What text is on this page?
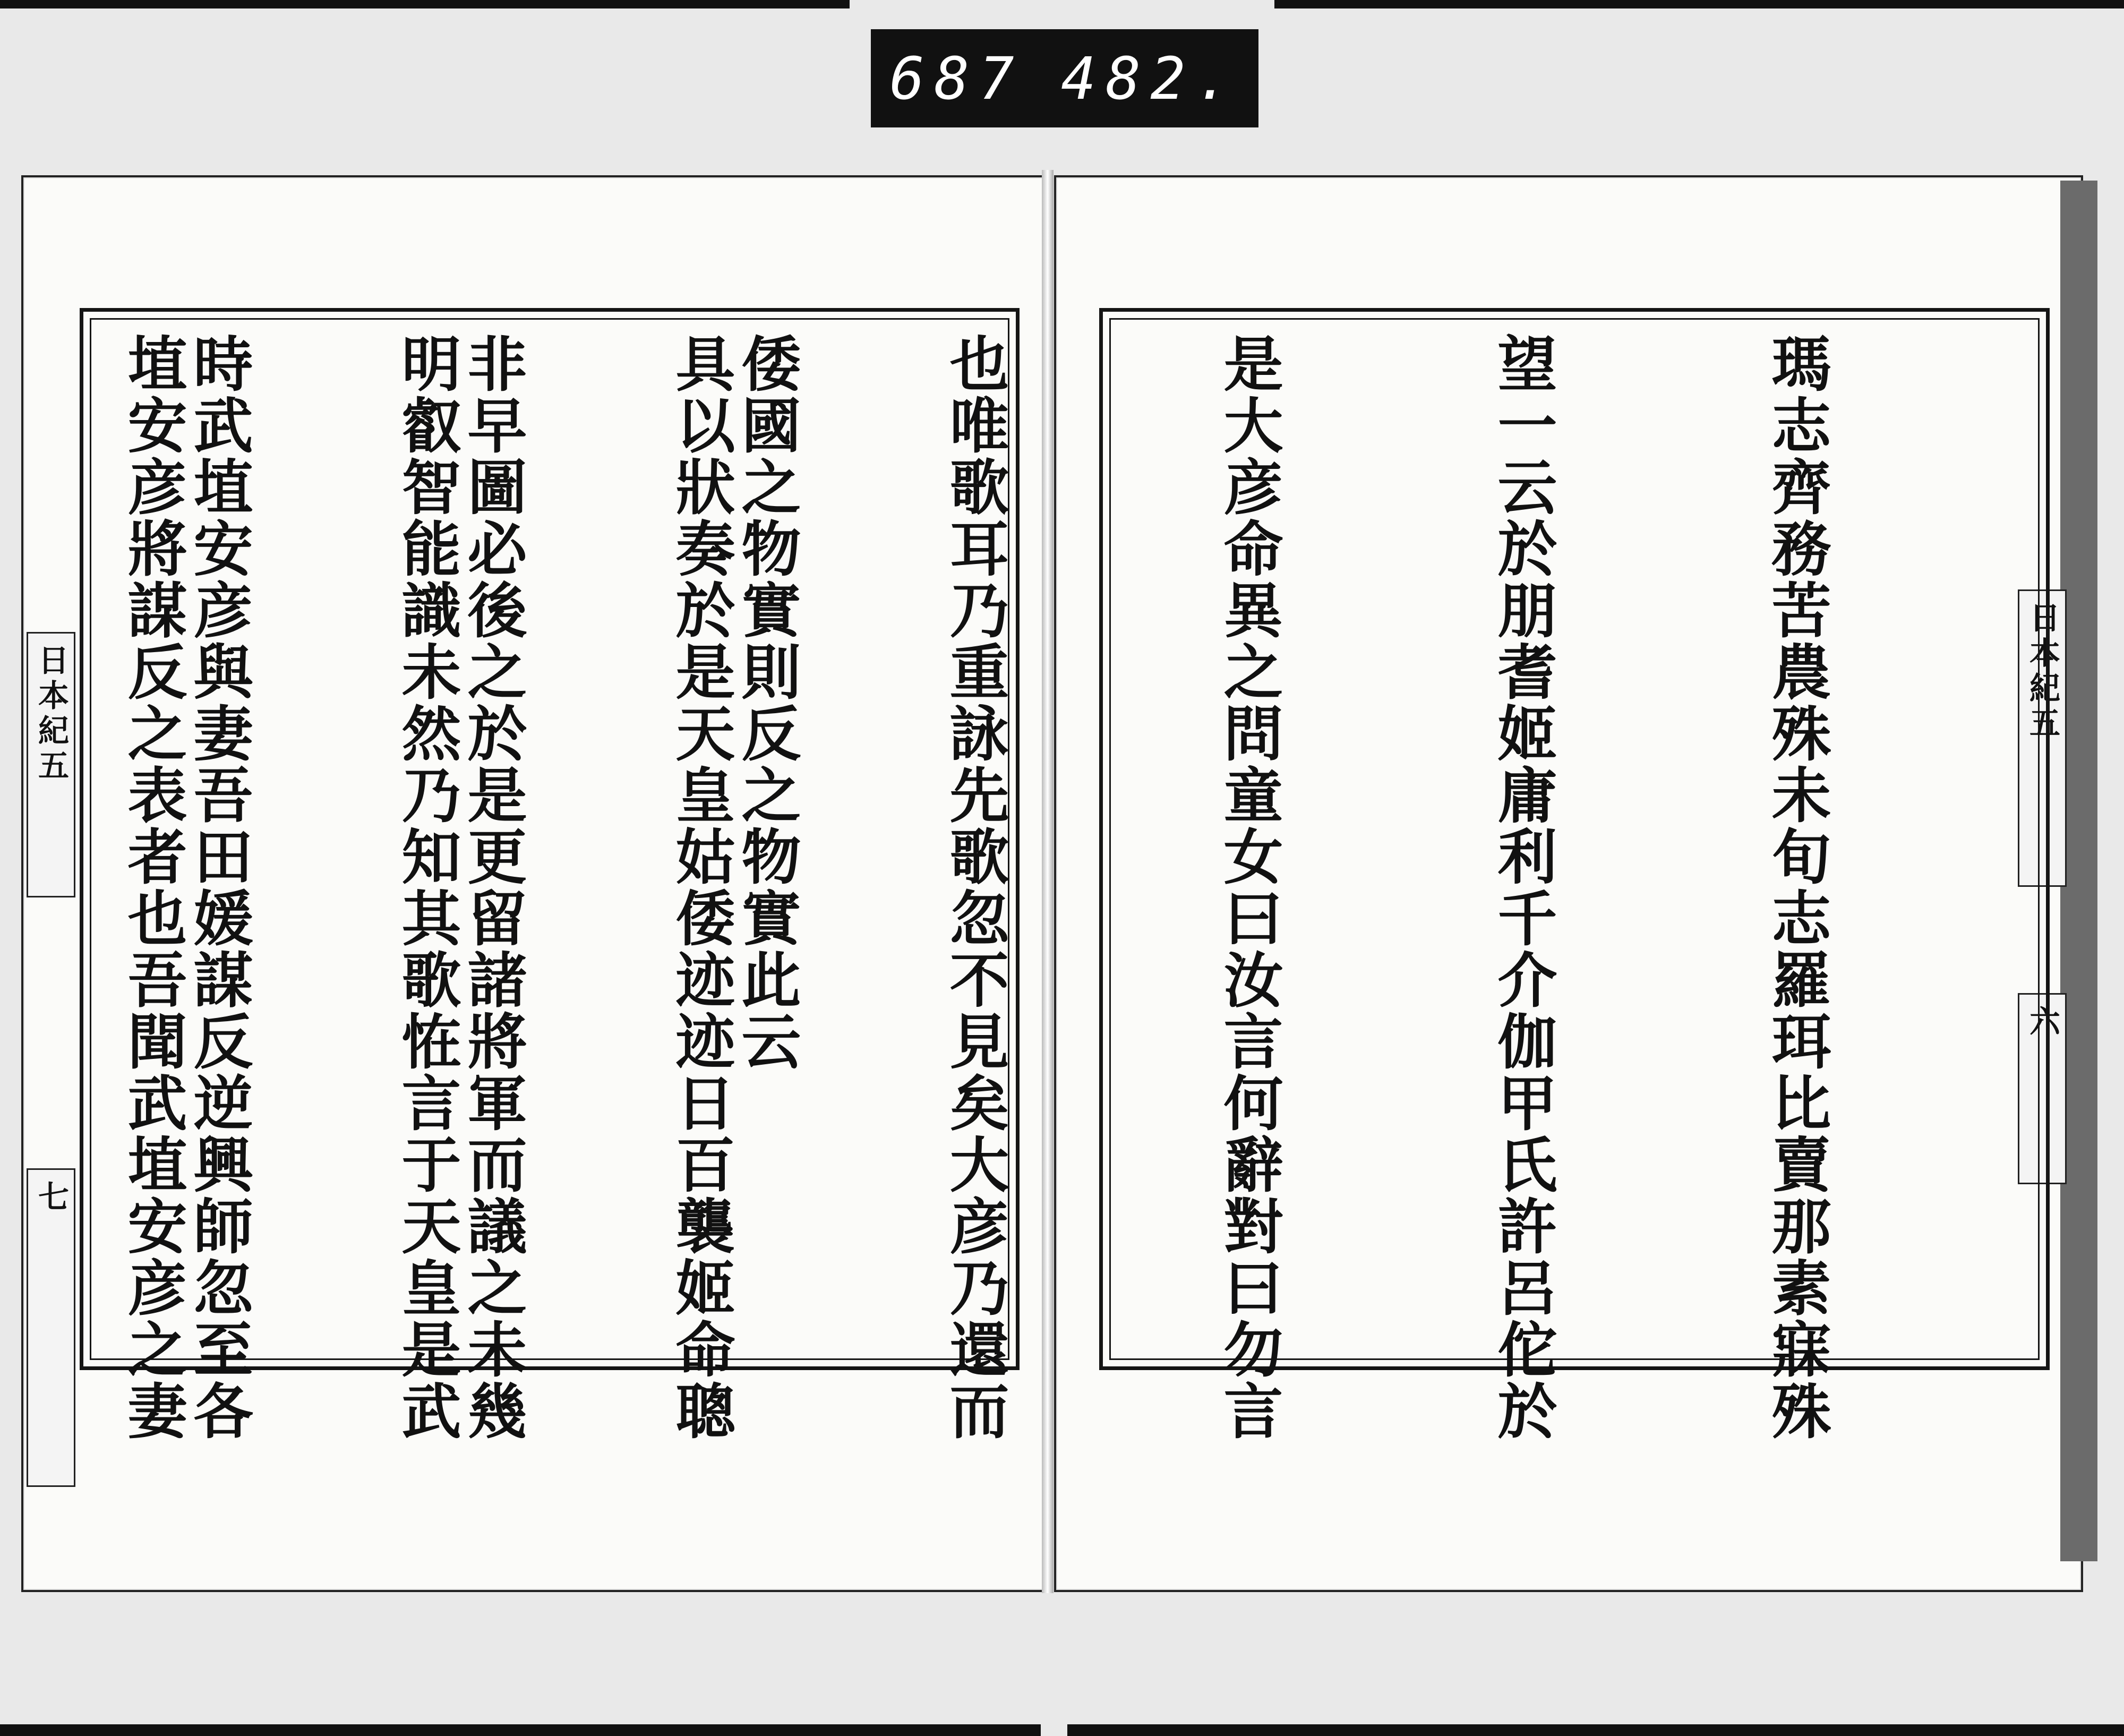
687 482.
日本紀五
七

倭國之物實則反之物實此云

非早圖必後之於是更留諸將軍而議之未幾

時武埴安彦與妻吾田媛謀反逆興師忽至各

	日本紀五
六

瑪志齊務苦農殊未旬志羅珥比賣那素寐殊

望一云於朋耆姬庸利千介伽甲氏許呂佗於

是大彦命異之問童女曰汝言何辭對曰勿言

也唯歌耳乃重詠先歌忽不見矣大彦乃還而

具以狀奏於是天皇姑倭迹迹日百襲姬命聰

明叡智能識未然乃知其歌恠言于天皇是武

埴安彦將謀反之表者也吾聞武埴安彦之妻
